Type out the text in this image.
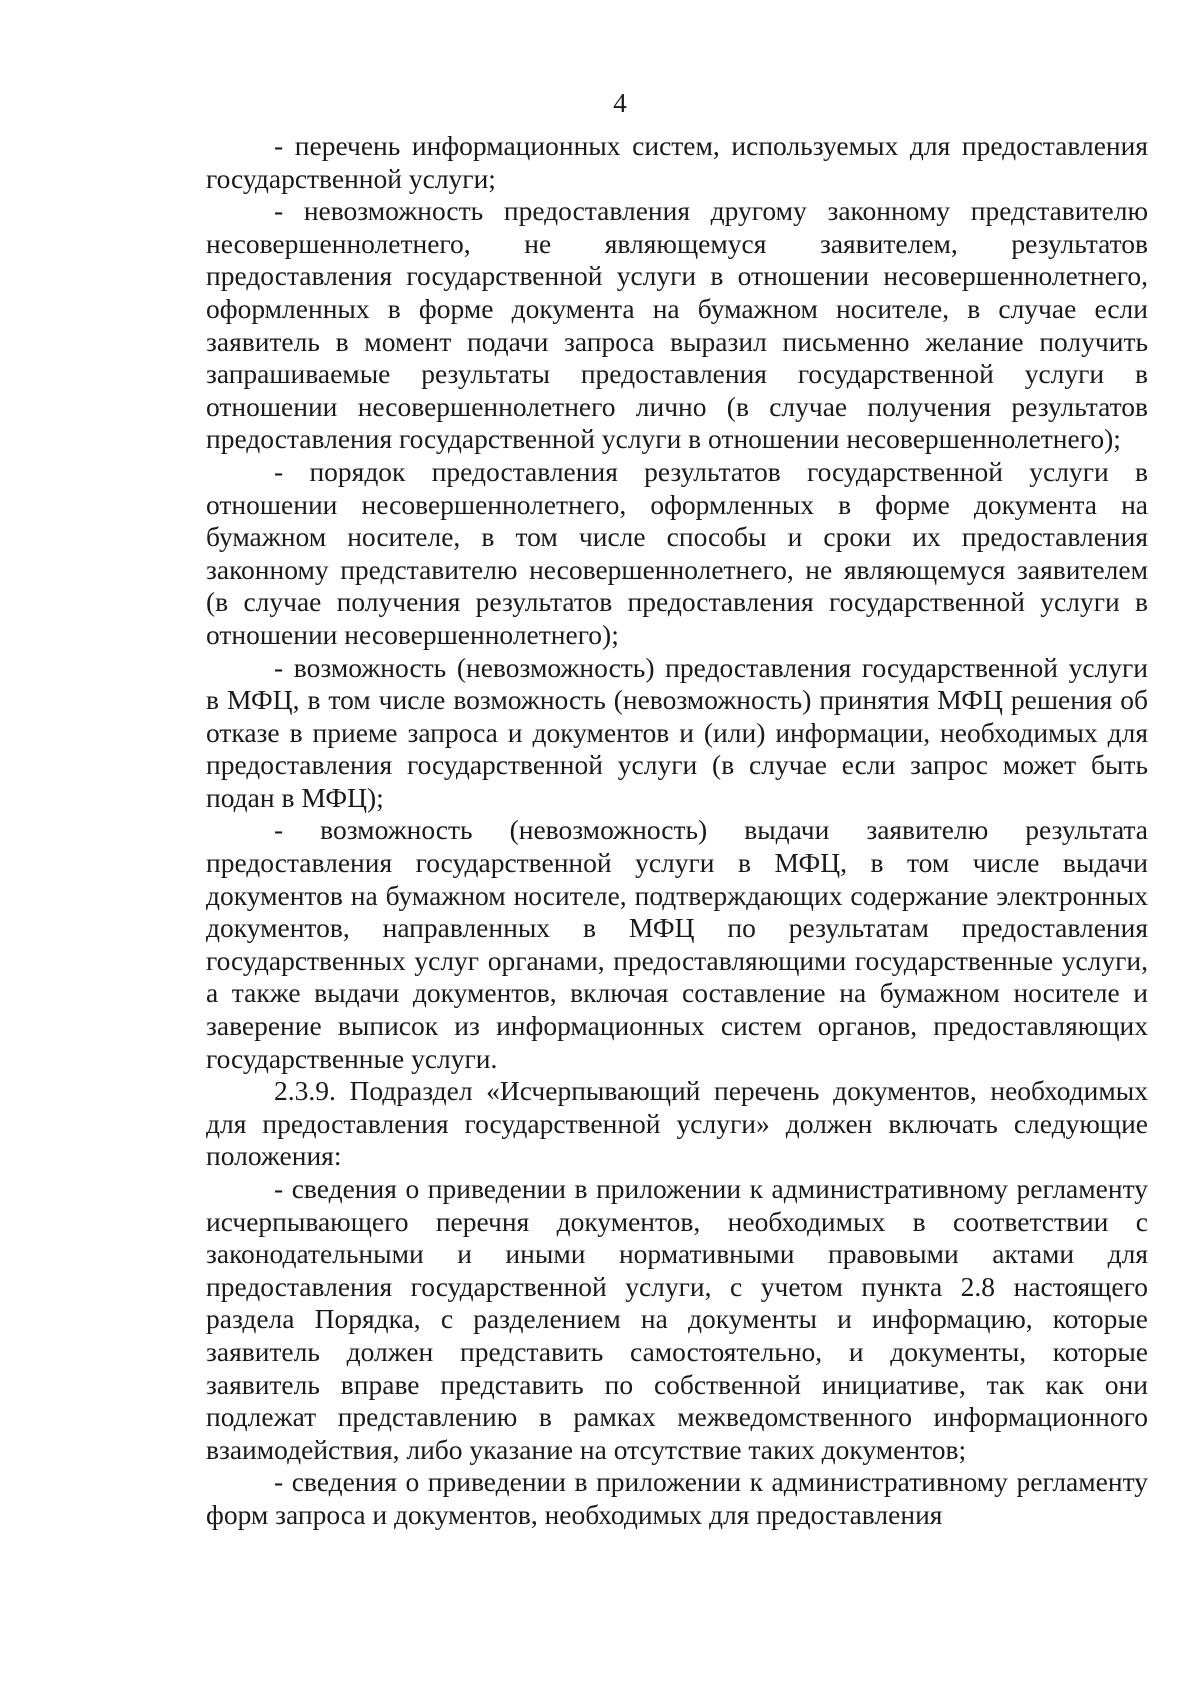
4

- перечень информационных систем, используемых для предоставления государственной услуги;

- невозможность предоставления другому законному представителю несовершеннолетнего, не являющемуся заявителем, результатов предоставления государственной услуги в отношении несовершеннолетнего, оформленных в форме документа на бумажном носителе, в случае если заявитель в момент подачи запроса выразил письменно желание получить запрашиваемые результаты предоставления государственной услуги в отношении несовершеннолетнего лично (в случае получения результатов предоставления государственной услуги в отношении несовершеннолетнего);

- порядок предоставления результатов государственной услуги в отношении несовершеннолетнего, оформленных в форме документа на бумажном носителе, в том числе способы и сроки их предоставления законному представителю несовершеннолетнего, не являющемуся заявителем (в случае получения результатов предоставления государственной услуги в отношении несовершеннолетнего);

- возможность (невозможность) предоставления государственной услуги в МФЦ, в том числе возможность (невозможность) принятия МФЦ решения об отказе в приеме запроса и документов и (или) информации, необходимых для предоставления государственной услуги (в случае если запрос может быть подан в МФЦ);

- возможность (невозможность) выдачи заявителю результата предоставления государственной услуги в МФЦ, в том числе выдачи документов на бумажном носителе, подтверждающих содержание электронных документов, направленных в МФЦ по результатам предоставления государственных услуг органами, предоставляющими государственные услуги, а также выдачи документов, включая составление на бумажном носителе и заверение выписок из информационных систем органов, предоставляющих государственные услуги.

2.3.9. Подраздел «Исчерпывающий перечень документов, необходимых для предоставления государственной услуги» должен включать следующие положения:

- сведения о приведении в приложении к административному регламенту исчерпывающего перечня документов, необходимых в соответствии с законодательными и иными нормативными правовыми актами для предоставления государственной услуги, с учетом пункта 2.8 настоящего раздела Порядка, с разделением на документы и информацию, которые заявитель должен представить самостоятельно, и документы, которые заявитель вправе представить по собственной инициативе, так как они подлежат представлению в рамках межведомственного информационного взаимодействия, либо указание на отсутствие таких документов;

- сведения о приведении в приложении к административному регламенту форм запроса и документов, необходимых для предоставления
